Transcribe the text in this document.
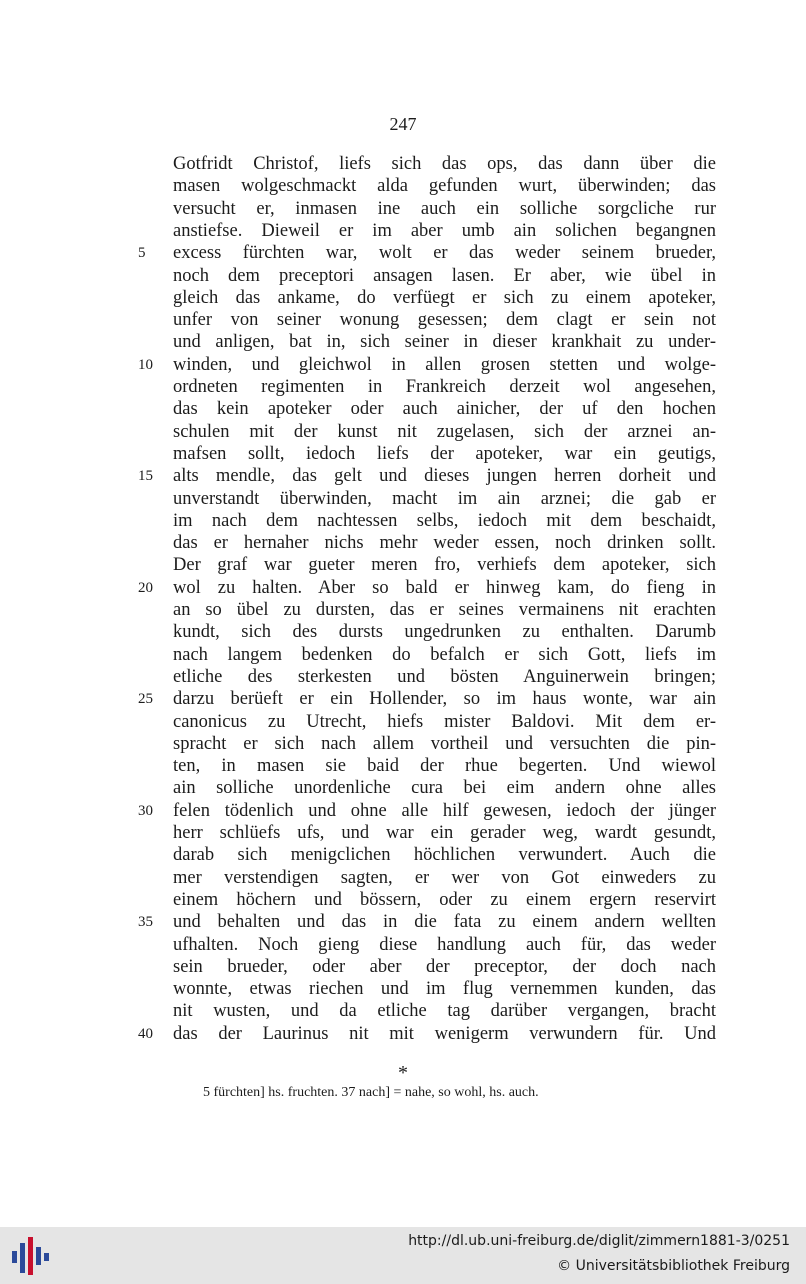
247
Gotfridt Christof, liefs sich das ops, das dann über die
masen wolgeschmackt alda gefunden wurt, überwinden; das
versucht er, inmasen ine auch ein solliche sorgcliche rur
anstiefse. Dieweil er im aber umb ain solichen begangnen
5	excess fürchten war, wolt er das weder seinem brueder,
noch dem preceptori ansagen lasen. Er aber, wie übel in
gleich das ankame, do verfüegt er sich zu einem apoteker,
unfer von seiner wonung gesessen; dem clagt er sein not
und anligen, bat in, sich seiner in dieser krankhait zu under-
10	winden, und gleichwol in allen grosen stetten und wolge-
ordneten regimenten in Frankreich derzeit wol angesehen,
das kein apoteker oder auch ainicher, der uf den hochen
schulen mit der kunst nit zugelasen, sich der arznei an-
mafsen sollt, iedoch liefs der apoteker, war ein geutigs,
15	alts mendle, das gelt und dieses jungen herren dorheit und
unverstandt überwinden, macht im ain arznei; die gab er
im nach dem nachtessen selbs, iedoch mit dem beschaidt,
das er hernaher nichs mehr weder essen, noch drinken sollt.
Der graf war gueter meren fro, verhiefs dem apoteker, sich
20	wol zu halten. Aber so bald er hinweg kam, do fieng in
an so übel zu dursten, das er seines vermainens nit erachten
kundt, sich des dursts ungedrunken zu enthalten. Darumb
nach langem bedenken do befalch er sich Gott, liefs im
etliche des sterkesten und bösten Anguinerwein bringen;
25	darzu berüeft er ein Hollender, so im haus wonte, war ain
canonicus zu Utrecht, hiefs mister Baldovi. Mit dem er-
spracht er sich nach allem vortheil und versuchten die pin-
ten, in masen sie baid der rhue begerten. Und wiewol
ain solliche unordenliche cura bei eim andern ohne alles
30	felen tödenlich und ohne alle hilf gewesen, iedoch der jünger
herr schlüefs ufs, und war ein gerader weg, wardt gesundt,
darab sich menigclichen höchlichen verwundert. Auch die
mer verstendigen sagten, er wer von Got einweders zu
einem höchern und bössern, oder zu einem ergern reservirt
35	und behalten und das in die fata zu einem andern wellten
ufhalten. Noch gieng diese handlung auch für, das weder
sein brueder, oder aber der preceptor, der doch nach
wonnte, etwas riechen und im flug vernemmen kunden, das
nit wusten, und da etliche tag darüber vergangen, bracht
40	das der Laurinus nit mit wenigerm verwundern für. Und
*
5 fürchten] hs. fruchten. 37 nach] = nahe, so wohl, hs. auch.
http://dl.ub.uni-freiburg.de/diglit/zimmern1881-3/0251
© Universitätsbibliothek Freiburg
